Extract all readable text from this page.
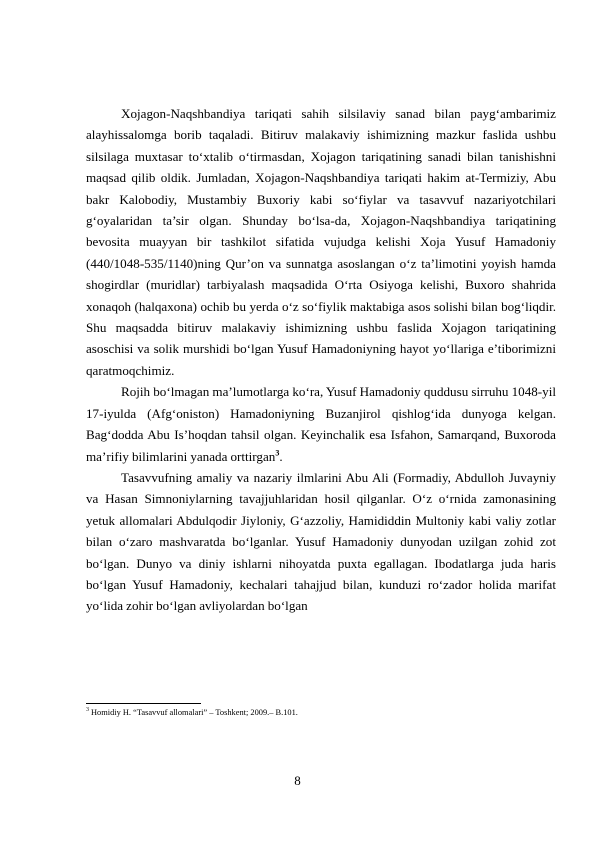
Xojagon-Naqshbandiya tariqati sahih silsilaviy sanad bilan payg‘ambarimiz alayhissalomga borib taqaladi. Bitiruv malakaviy ishimizning mazkur faslida ushbu silsilaga muxtasar to‘xtalib o‘tirmasdan, Xojagon tariqatining sanadi bilan tanishishni maqsad qilib oldik. Jumladan, Xojagon-Naqshbandiya tariqati hakim at-Termiziy, Abu bakr Kalobodiy, Mustambiy Buxoriy kabi so‘fiylar va tasavvuf nazariyotchilari g‘oyalaridan ta’sir olgan. Shunday bo‘lsa-da, Xojagon-Naqshbandiya tariqatining bevosita muayyan bir tashkilot sifatida vujudga kelishi Xoja Yusuf Hamadoniy (440/1048-535/1140)ning Qur’on va sunnatga asoslangan o‘z ta’limotini yoyish hamda shogirdlar (muridlar) tarbiyalash maqsadida O‘rta Osiyoga kelishi, Buxoro shahrida xonaqoh (halqaxona) ochib bu yerda o‘z so‘fiylik maktabiga asos solishi bilan bog‘liqdir. Shu maqsadda bitiruv malakaviy ishimizning ushbu faslida Xojagon tariqatining asoschisi va solik murshidi bo‘lgan Yusuf Hamadoniyning hayot yo‘llariga e’tiborimizni qaratmoqchimiz.

Rojih bo‘lmagan ma’lumotlarga ko‘ra, Yusuf Hamadoniy quddusu sirruhu 1048-yil 17-iyulda (Afg‘oniston) Hamadoniyning Buzanjirol qishlog‘ida dunyoga kelgan. Bag‘dodda Abu Is’hoqdan tahsil olgan. Keyinchalik esa Isfahon, Samarqand, Buxoroda ma’rifiy bilimlarini yanada orttirgan$^3$.

Tasavvufning amaliy va nazariy ilmlarini Abu Ali (Formadiy, Abdulloh Juvayniy va Hasan Simnoniylarning tavajjuhlaridan hosil qilganlar. O‘z o‘rnida zamonasining yetuk allomalari Abdulqodir Jiyloniy, G‘azzoliy, Hamididdin Multoniy kabi valiy zotlar bilan o‘zaro mashvaratda bo‘lganlar. Yusuf Hamadoniy dunyodan uzilgan zohid zot bo‘lgan. Dunyo va diniy ishlarni nihoyatda puxta egallagan. Ibodatlarga juda haris bo‘lgan Yusuf Hamadoniy, kechalari tahajjud bilan, kunduzi ro‘zador holida marifat yo‘lida zohir bo‘lgan avliyolardan bo‘lgan

$^3$ Homidiy H. “Tasavvuf allomalari” – Toshkent; 2009.– B.101.
8
